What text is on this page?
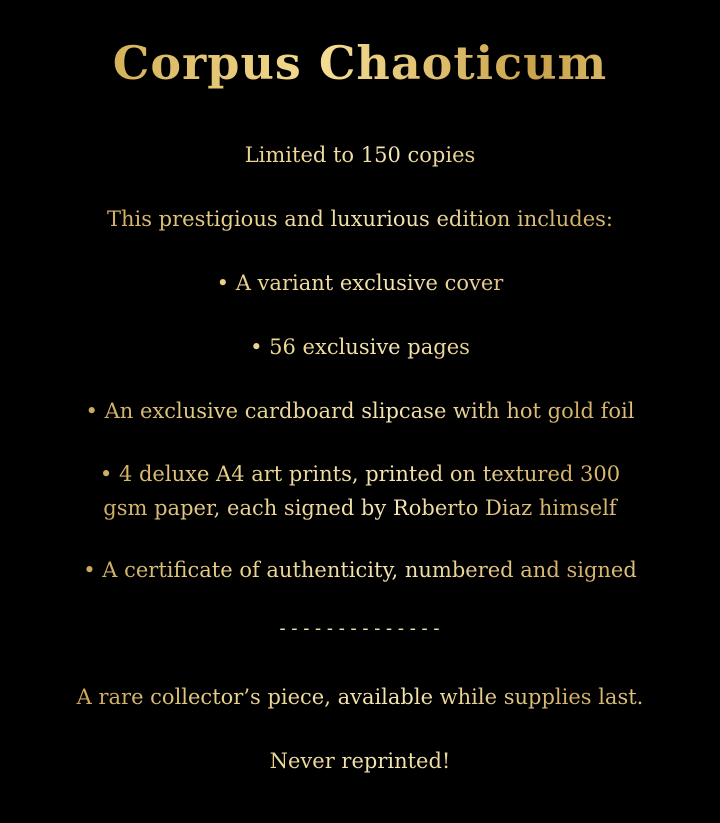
Corpus Chaoticum
Limited to 150 copies
This prestigious and luxurious edition includes:
• A variant exclusive cover
• 56 exclusive pages
• An exclusive cardboard slipcase with hot gold foil
• 4 deluxe A4 art prints, printed on textured 300
gsm paper, each signed by Roberto Diaz himself
• A certificate of authenticity, numbered and signed
--------------
A rare collector’s piece, available while supplies last.
Never reprinted!
